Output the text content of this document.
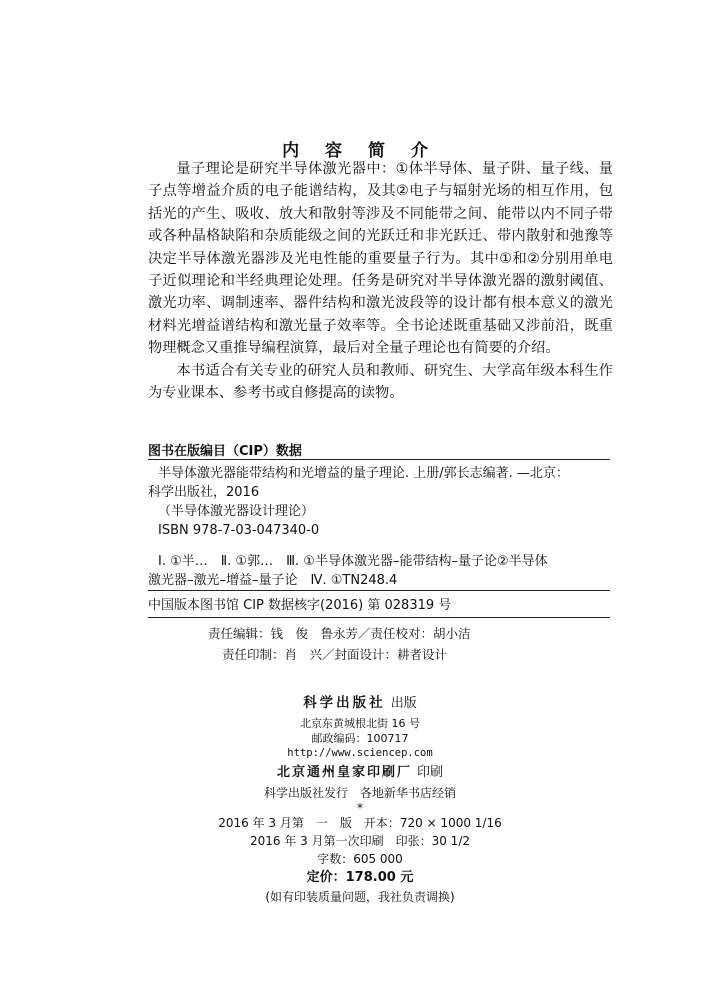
内 容 简 介

量子理论是研究半导体激光器中：①体半导体、量子阱、量子线、量子点等增益介质的电子能谱结构，及其②电子与辐射光场的相互作用，包括光的产生、吸收、放大和散射等涉及不同能带之间、能带以内不同子带或各种晶格缺陷和杂质能级之间的光跃迁和非光跃迁、带内散射和弛豫等决定半导体激光器涉及光电性能的重要量子行为。其中①和②分别用单电子近似理论和半经典理论处理。任务是研究对半导体激光器的激射阈值、激光功率、调制速率、器件结构和激光波段等的设计都有根本意义的激光材料光增益谱结构和激光量子效率等。全书论述既重基础又涉前沿，既重物理概念又重推导编程演算，最后对全量子理论也有简要的介绍。

本书适合有关专业的研究人员和教师、研究生、大学高年级本科生作为专业课本、参考书或自修提高的读物。

图书在版编目（CIP）数据
半导体激光器能带结构和光增益的量子理论. 上册/郭长志编著. —北京：
科学出版社，2016
（半导体激光器设计理论）
ISBN 978-7-03-047340-0
Ⅰ. ①半…　Ⅱ. ①郭…　Ⅲ. ①半导体激光器–能带结构–量子论②半导体
激光器–激光–增益–量子论　Ⅳ. ①TN248.4
中国版本图书馆 CIP 数据核字(2016) 第 028319 号
责任编辑：钱　俊　鲁永芳／责任校对：胡小洁
责任印制：肖　兴／封面设计：耕者设计
科学出版社 出版
北京东黄城根北街 16 号
邮政编码：100717
http://www.sciencep.com
北京通州皇家印刷厂 印刷
科学出版社发行　各地新华书店经销
*
2016 年 3 月第　一　版　开本：720 × 1000 1/16
2016 年 3 月第一次印刷　印张：30 1/2
字数：605 000
定价：178.00 元
(如有印装质量问题，我社负责调换)
